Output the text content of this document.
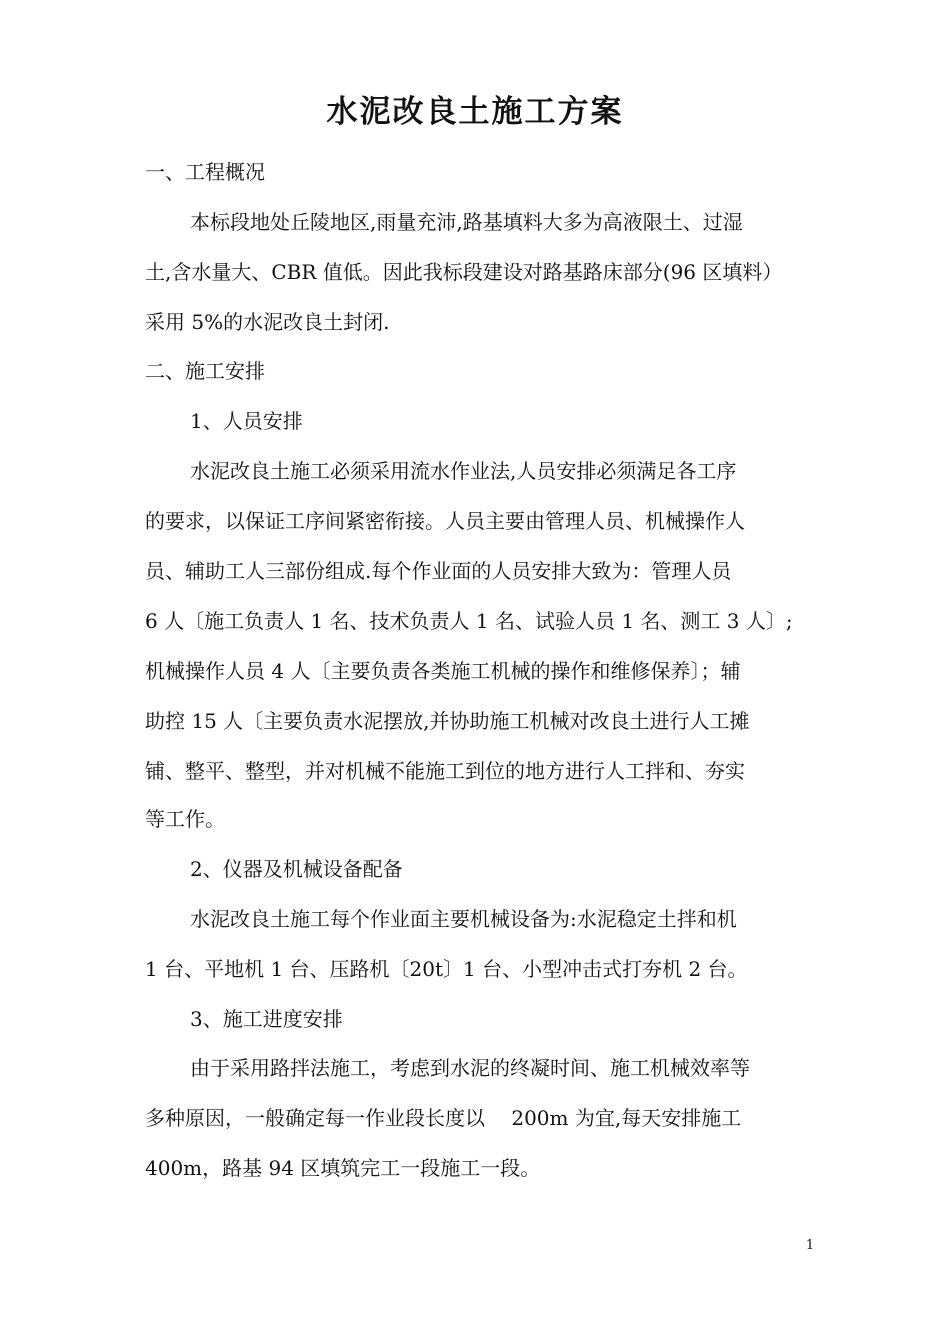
水泥改良土施工方案
一、工程概况
本标段地处丘陵地区,雨量充沛,路基填料大多为高液限土、过湿
土,含水量大、CBR 值低。因此我标段建设对路基路床部分(96 区填料）
采用 5%的水泥改良土封闭.
二、施工安排
1、人员安排
水泥改良土施工必须采用流水作业法,人员安排必须满足各工序
的要求，以保证工序间紧密衔接。人员主要由管理人员、机械操作人
员、辅助工人三部份组成.每个作业面的人员安排大致为：管理人员
6 人〔施工负责人 1 名、技术负责人 1 名、试验人员 1 名、测工 3 人〕;
机械操作人员 4 人〔主要负责各类施工机械的操作和维修保养〕；辅
助控 15 人〔主要负责水泥摆放,并协助施工机械对改良土进行人工摊
铺、整平、整型，并对机械不能施工到位的地方进行人工拌和、夯实
等工作。
2、仪器及机械设备配备
水泥改良土施工每个作业面主要机械设备为:水泥稳定土拌和机
1 台、平地机 1 台、压路机〔20t〕1 台、小型冲击式打夯机 2 台。
3、施工进度安排
由于采用路拌法施工，考虑到水泥的终凝时间、施工机械效率等
多种原因，一般确定每一作业段长度以　 200m 为宜,每天安排施工
400m，路基 94 区填筑完工一段施工一段。
1
